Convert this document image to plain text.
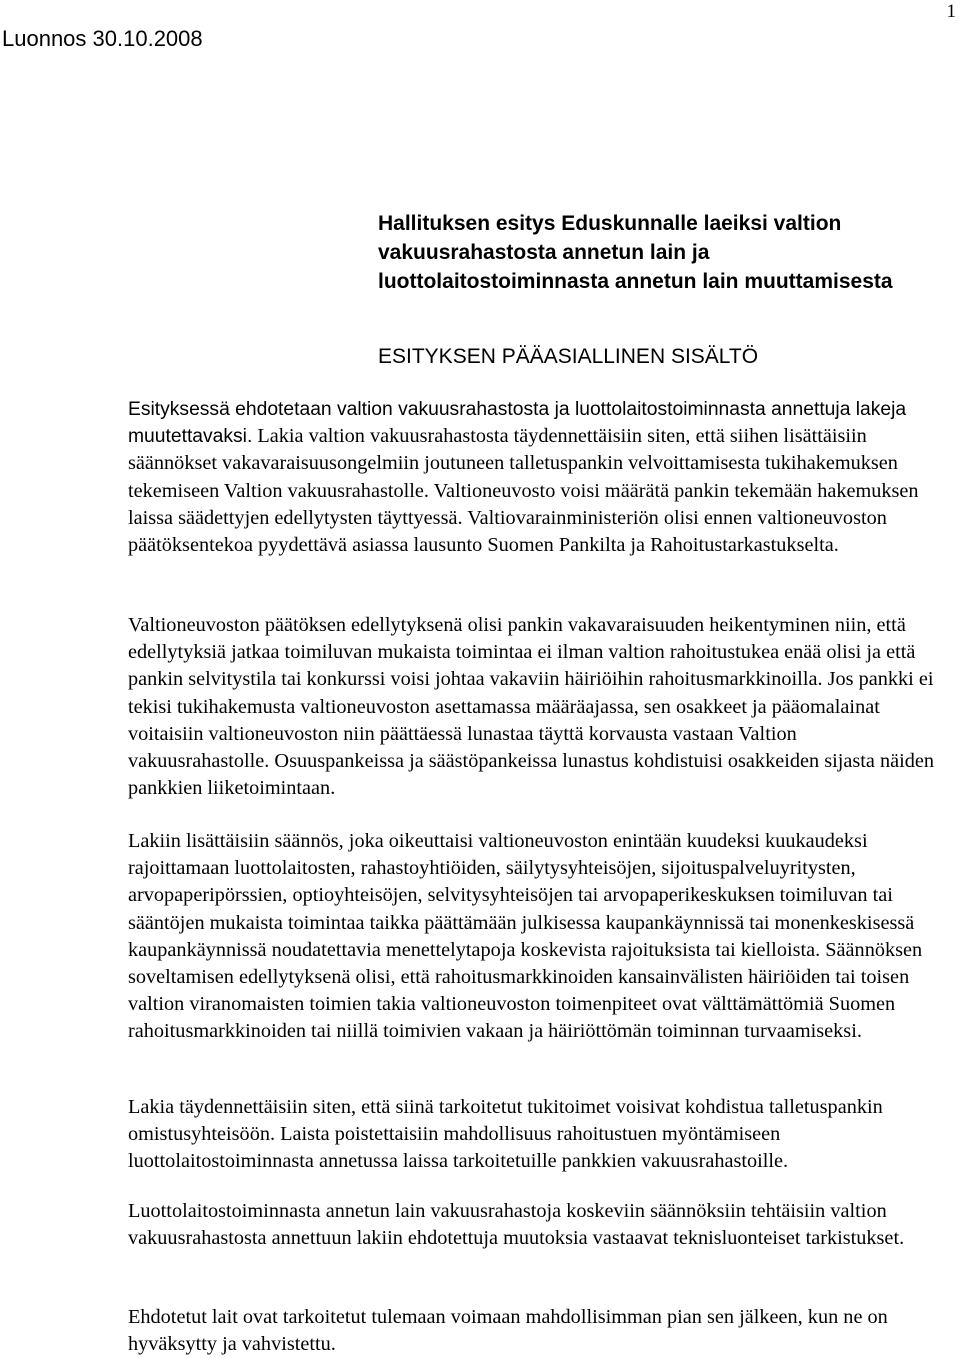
Luonnos 30.10.2008
1
Hallituksen esitys Eduskunnalle laeiksi valtion vakuusrahastosta annetun lain ja luottolaitostoiminnasta annetun lain muuttamisesta
ESITYKSEN PÄÄASIALLINEN SISÄLTÖ

Esityksessä ehdotetaan valtion vakuusrahastosta ja luottolaitostoiminnasta annettuja lakeja muutettavaksi. Lakia valtion vakuusrahastosta täydennettäisiin siten, että siihen lisättäisiin säännökset vakavaraisuusongelmiin joutuneen talletuspankin velvoittamisesta tukihakemuksen tekemiseen Valtion vakuusrahastolle. Valtioneuvosto voisi määrätä pankin tekemään hakemuksen laissa säädettyjen edellytysten täyttyessä. Valtiovarainministeriön olisi ennen valtioneuvoston päätöksentekoa pyydettävä asiassa lausunto Suomen Pankilta ja Rahoitustarkastukselta.

Valtioneuvoston päätöksen edellytyksenä olisi pankin vakavaraisuuden heikentyminen niin, että edellytyksiä jatkaa toimiluvan mukaista toimintaa ei ilman valtion rahoitustukea enää olisi ja että pankin selvitystila tai konkurssi voisi johtaa vakaviin häiriöihin rahoitusmarkkinoilla. Jos pankki ei tekisi tukihakemusta valtioneuvoston asettamassa määräajassa, sen osakkeet ja pääomalainat voitaisiin valtioneuvoston niin päättäessä lunastaa täyttä korvausta vastaan Valtion vakuusrahastolle. Osuuspankeissa ja säästöpankeissa lunastus kohdistuisi osakkeiden sijasta näiden pankkien liiketoimintaan.

Lakiin lisättäisiin säännös, joka oikeuttaisi valtioneuvoston enintään kuudeksi kuukaudeksi rajoittamaan luottolaitosten, rahastoyhtiöiden, säilytysyhteisöjen, sijoituspalveluyritysten, arvopaperipörssien, optioyhteisöjen, selvitysyhteisöjen tai arvopaperikeskuksen toimiluvan tai sääntöjen mukaista toimintaa taikka päättämään julkisessa kaupankäynnissä tai monenkeskisessä kaupankäynnissä noudatettavia menettelytapoja koskevista rajoituksista tai kielloista. Säännöksen soveltamisen edellytyksenä olisi, että rahoitusmarkkinoiden kansainvälisten häiriöiden tai toisen valtion viranomaisten toimien takia valtioneuvoston toimenpiteet ovat välttämättömiä Suomen rahoitusmarkkinoiden tai niillä toimivien vakaan ja häiriöttömän toiminnan turvaamiseksi.

Lakia täydennettäisiin siten, että siinä tarkoitetut tukitoimet voisivat kohdistua talletuspankin omistusyhteisöön. Laista poistettaisiin mahdollisuus rahoitustuen myöntämiseen luottolaitostoiminnasta annetussa laissa tarkoitetuille pankkien vakuusrahastoille.

Luottolaitostoiminnasta annetun lain vakuusrahastoja koskeviin säännöksiin tehtäisiin valtion vakuusrahastosta annettuun lakiin ehdotettuja muutoksia vastaavat teknisluonteiset tarkistukset.

Ehdotetut lait ovat tarkoitetut tulemaan voimaan mahdollisimman pian sen jälkeen, kun ne on hyväksytty ja vahvistettu.
